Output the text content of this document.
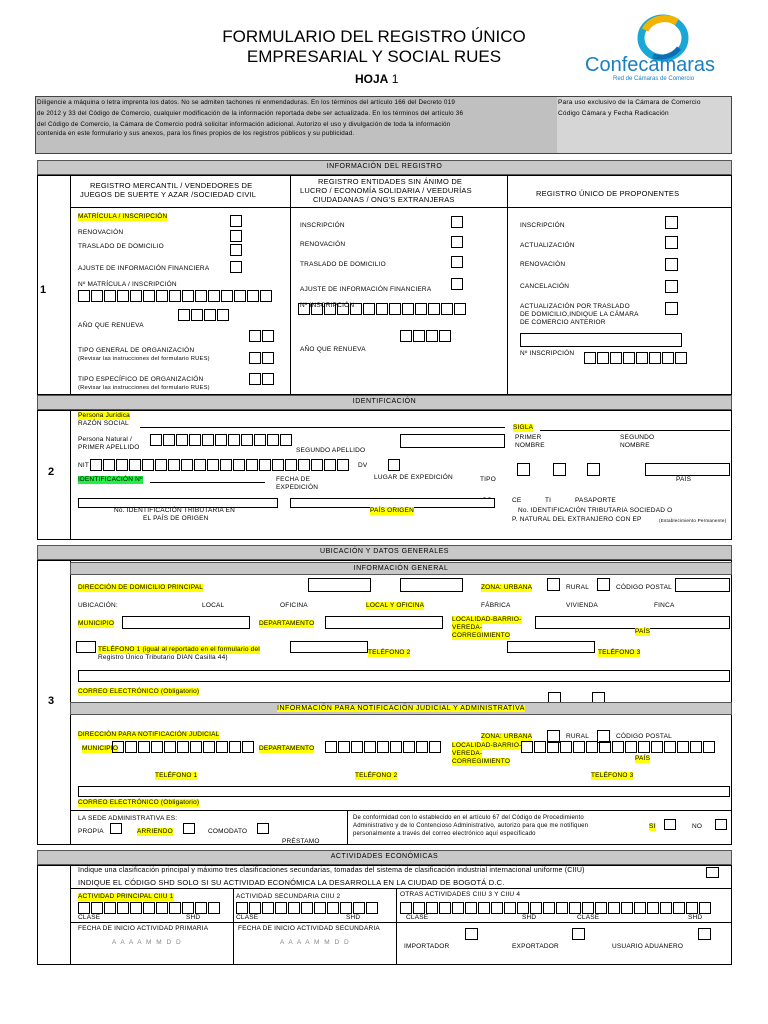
FORMULARIO DEL REGISTRO ÚNICO
EMPRESARIAL Y SOCIAL RUES
HOJA 1
Confecámaras
Red de Cámaras de Comercio
Diligencie a máquina o letra imprenta los datos. No se admiten tachones ni enmendaduras. En los términos del artículo 166 del Decreto 019
de 2012 y 33 del Código de Comercio, cualquier modificación de la información reportada debe ser actualizada. En los términos del artículo 36
del Código de Comercio, la Cámara de Comercio podrá solicitar información adicional. Autorizo el uso y divulgación de toda la información
contenida en este formulario y sus anexos, para los fines propios de los registros públicos y su publicidad.
Para uso exclusivo de la Cámara de Comercio
Código Cámara y Fecha Radicación
INFORMACIÓN DEL REGISTRO
1
REGISTRO MERCANTIL / VENDEDORES DE
JUEGOS DE SUERTE Y AZAR /SOCIEDAD CIVIL
REGISTRO ENTIDADES SIN ÁNIMO DE
LUCRO / ECONOMÍA SOLIDARIA / VEEDURÍAS
CIUDADANAS / ONG'S EXTRANJERAS
REGISTRO ÚNICO DE PROPONENTES
MATRÍCULA / INSCRIPCIÓN
RENOVACIÓN
TRASLADO DE DOMICILIO
AJUSTE DE INFORMACIÓN FINANCIERA
Nº MATRÍCULA / INSCRIPCIÓN
AÑO QUE RENUEVA
TIPO GENERAL DE ORGANIZACIÓN
(Revisar las instrucciones del formulario RUES)
TIPO ESPECÍFICO DE ORGANIZACIÓN
(Revisar las instrucciones del formulario RUES)
INSCRIPCIÓN
RENOVACIÓN
TRASLADO DE DOMICILIO
AJUSTE DE INFORMACIÓN FINANCIERA
Nº INSCRIPCIÓN
AÑO QUE RENUEVA
INSCRIPCIÓN
ACTUALIZACIÓN
RENOVACIÓN
CANCELACIÓN
ACTUALIZACIÓN POR TRASLADO
DE DOMICILIO,INDIQUE LA CÁMARA
DE COMERCIO ANTERIOR
Nº INSCRIPCIÓN
IDENTIFICACIÓN
2
Persona Jurídica
RAZÓN SOCIAL
SIGLA
Persona Natural /
PRIMER APELLIDO	SEGUNDO APELLIDO
PRIMER
NOMBRE
SEGUNDO
NOMBRE
NIT	DV
IDENTIFICACIÓN Nº	FECHA DE
EXPEDICIÓN
LUGAR DE EXPEDICIÓN	TIPO	PAÍS
CE	TI	PASAPORTE
No. IDENTIFICACIÓN TRIBUTARIA EN
EL PAÍS DE ORIGEN
PAÍS ORIGEN	No. IDENTIFICACIÓN TRIBUTARIA SOCIEDAD O
P. NATURAL DEL EXTRANJERO CON EP	(Establecimiento Permanente)
UBICACIÓN Y DATOS GENERALES
INFORMACIÓN GENERAL
3
DIRECCIÓN DE DOMICILIO PRINCIPAL	ZONA: URBANA	RURAL	CÓDIGO POSTAL
UBICACIÓN:	LOCAL	OFICINA	LOCAL Y OFICINA	FÁBRICA	VIVIENDA	FINCA
MUNICIPIO	DEPARTAMENTO
LOCALIDAD-BARRIO-
VEREDA-
CORREGIMIENTO
PAÍS
TELÉFONO 1 (igual al reportado en el formulario del
Registro Único Tributario DIAN Casilla 44)
TELÉFONO 2	TELÉFONO 3
CORREO ELECTRÓNICO (Obligatorio)
INFORMACIÓN PARA NOTIFICACIÓN JUDICIAL Y ADMINISTRATIVA
DIRECCIÓN PARA NOTIFICACIÓN JUDICIAL	ZONA: URBANA	RURAL	CÓDIGO POSTAL
MUNICIPIO	DEPARTAMENTO	LOCALIDAD-BARRIO-
VEREDA-
CORREGIMIENTO	PAÍS
TELÉFONO 1	TELÉFONO 2	TELÉFONO 3
CORREO ELECTRÓNICO (Obligatorio)
LA SEDE ADMINISTRATIVA ES:
PROPIA	ARRIENDO	COMODATO
PRÉSTAMO
De conformidad con lo establecido en el artículo 67 del Código de Procedimiento
Administrativo y de lo Contencioso Administrativo, autorizo para que me notifiquen
personalmente a través del correo electrónico aquí especificado
SI	NO
ACTIVIDADES ECONÓMICAS
Indique una clasificación principal y máximo tres clasificaciones secundarias, tomadas del sistema de clasificación industrial internacional uniforme (CIIU)
INDIQUE EL CÓDIGO SHD SOLO SI SU ACTIVIDAD ECONÓMICA LA DESARROLLA EN LA CIUDAD DE BOGOTÁ D.C.
ACTIVIDAD PRINCIPAL CIIU 1	ACTIVIDAD SECUNDARIA CIIU 2	OTRAS ACTIVIDADES CIIU 3 Y CIIU 4
CLASE	SHD	CLASE	SHD	CLASE	SHD	CLASE	SHD
FECHA DE INICIO ACTIVIDAD PRIMARIA	FECHA DE INICIO ACTIVIDAD SECUNDARIA
A A A A M M D D	A A A A M M D D
IMPORTADOR	EXPORTADOR	USUARIO ADUANERO
